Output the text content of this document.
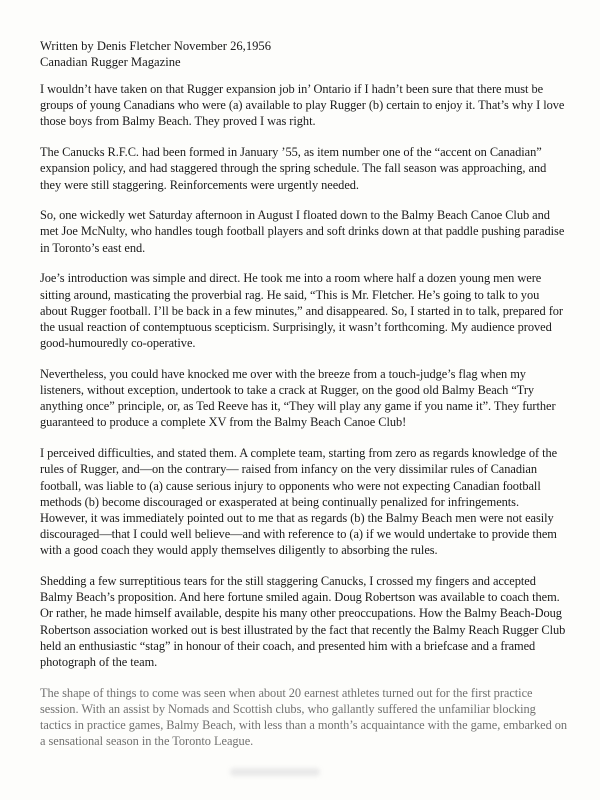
Written by Denis Fletcher November 26,1956
Canadian Rugger Magazine

I wouldn’t have taken on that Rugger expansion job in’ Ontario if I hadn’t been sure that there must be groups of young Canadians who were (a) available to play Rugger (b) certain to enjoy it. That’s why I love those boys from Balmy Beach. They proved I was right.

The Canucks R.F.C. had been formed in January ’55, as item number one of the “accent on Canadian” expansion policy, and had staggered through the spring schedule. The fall season was approaching, and they were still staggering. Reinforcements were urgently needed.

So, one wickedly wet Saturday afternoon in August I floated down to the Balmy Beach Canoe Club and met Joe McNulty, who handles tough football players and soft drinks down at that paddle pushing paradise in Toronto’s east end.

Joe’s introduction was simple and direct. He took me into a room where half a dozen young men were sitting around, masticating the proverbial rag. He said, “This is Mr. Fletcher. He’s going to talk to you about Rugger football. I’ll be back in a few minutes,” and disappeared. So, I started in to talk, prepared for the usual reaction of contemptuous scepticism. Surprisingly, it wasn’t forthcoming. My audience proved good-humouredly co-operative.

Nevertheless, you could have knocked me over with the breeze from a touch-judge’s flag when my listeners, without exception, undertook to take a crack at Rugger, on the good old Balmy Beach “Try anything once” principle, or, as Ted Reeve has it, “They will play any game if you name it”. They further guaranteed to produce a complete XV from the Balmy Beach Canoe Club!

I perceived difficulties, and stated them. A complete team, starting from zero as regards knowledge of the rules of Rugger, and—on the contrary— raised from infancy on the very dissimilar rules of Canadian football, was liable to (a) cause serious injury to opponents who were not expecting Canadian football methods (b) become discouraged or exasperated at being continually penalized for infringements. However, it was immediately pointed out to me that as regards (b) the Balmy Beach men were not easily discouraged—that I could well believe—and with reference to (a) if we would undertake to provide them with a good coach they would apply themselves diligently to absorbing the rules.

Shedding a few surreptitious tears for the still staggering Canucks, I crossed my fingers and accepted Balmy Beach’s proposition. And here fortune smiled again. Doug Robertson was available to coach them. Or rather, he made himself available, despite his many other preoccupations. How the Balmy Beach-Doug Robertson association worked out is best illustrated by the fact that recently the Balmy Reach Rugger Club held an enthusiastic “stag” in honour of their coach, and presented him with a briefcase and a framed photograph of the team.

The shape of things to come was seen when about 20 earnest athletes turned out for the first practice session. With an assist by Nomads and Scottish clubs, who gallantly suffered the unfamiliar blocking tactics in practice games, Balmy Beach, with less than a month’s acquaintance with the game, embarked on a sensational season in the Toronto League.
